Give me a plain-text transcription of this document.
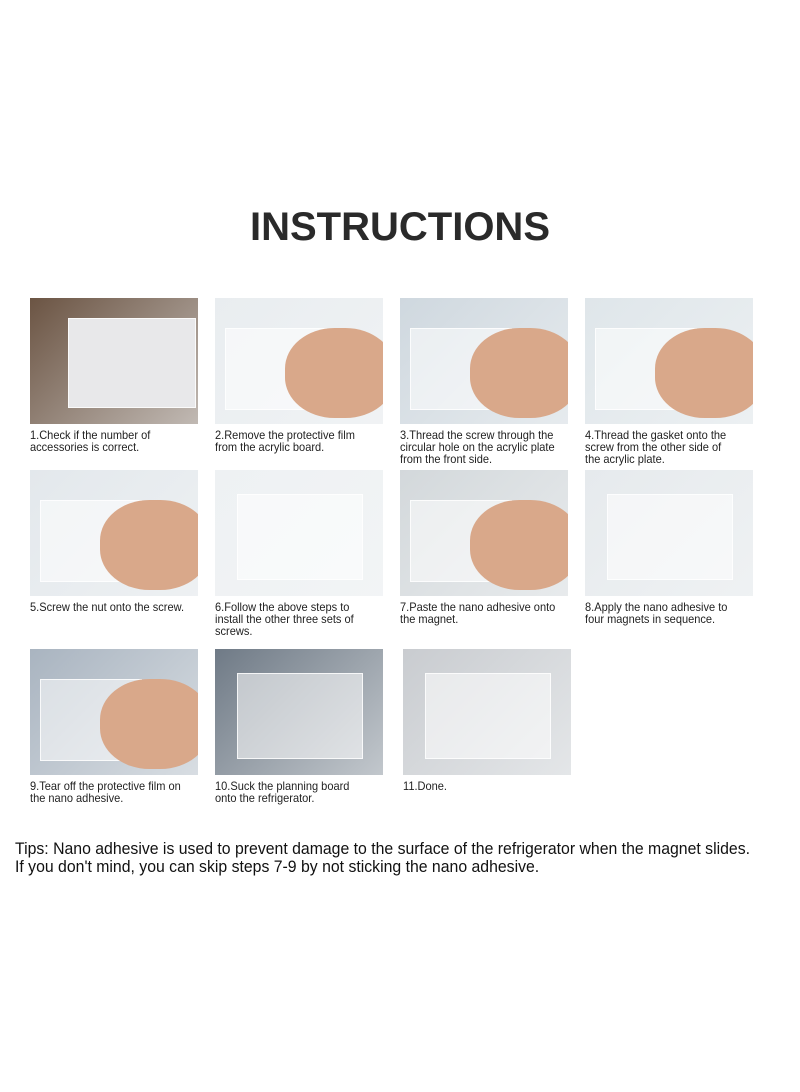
INSTRUCTIONS
1.Check if the number of
accessories is correct.
2.Remove the protective film
from the acrylic board.
3.Thread the screw through the
circular hole on the acrylic plate
from the front side.
4.Thread the gasket onto the
screw from the other side of
the acrylic plate.
5.Screw the nut onto the screw.	6.Follow the above steps to
install the other three sets of
screws.
7.Paste the nano adhesive onto
the magnet.
8.Apply the nano adhesive to
four magnets in sequence.
9.Tear off the protective film on
the nano adhesive.
10.Suck the planning board
onto the refrigerator.
11.Done.
Tips: Nano adhesive is used to prevent damage to the surface of the refrigerator when the magnet slides.
If you don't mind, you can skip steps 7-9 by not sticking the nano adhesive.
